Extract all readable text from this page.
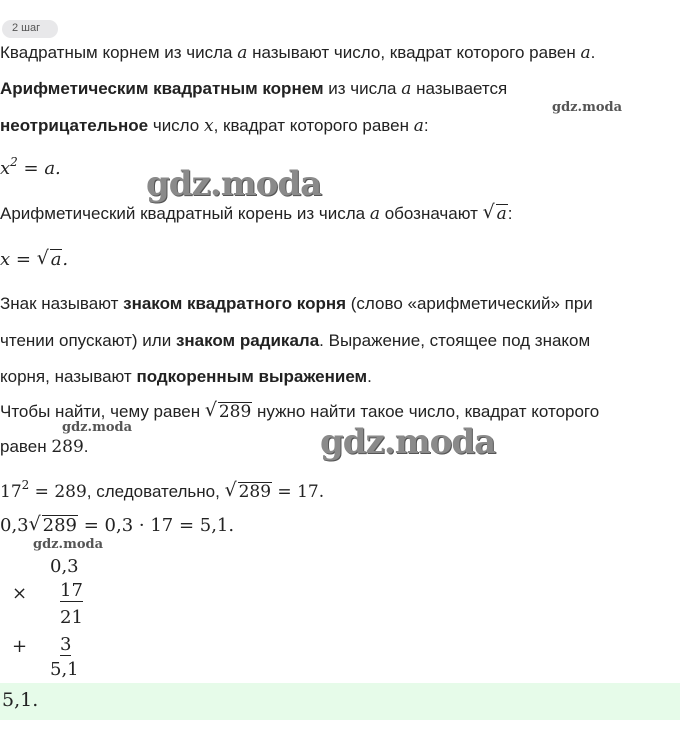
2 шаг
Квадратным корнем из числа a называют число, квадрат которого равен a.
Арифметическим квадратным корнем из числа a называется
неотрицательное число x, квадрат которого равен a:
$x^2 = a$.
Арифметический квадратный корень из числа a обозначают √ a:
x = √ a.
Знак называют знаком квадратного корня (слово «арифметический» при
чтении опускают) или знаком радикала. Выражение, стоящее под знаком
корня, называют подкоренным выражением.
Чтобы найти, чему равен √ 289 нужно найти такое число, квадрат которого
равен 289.
$17^2 = 289$, следовательно, √ 289 = 17.
0,3 √ 289 = 0,3 · 17 = 5,1.
0,3
× 17
21
+ 3
5,1
5,1.
gdz.moda
gdz.moda
gdz.moda	gdz.moda
gdz.moda
